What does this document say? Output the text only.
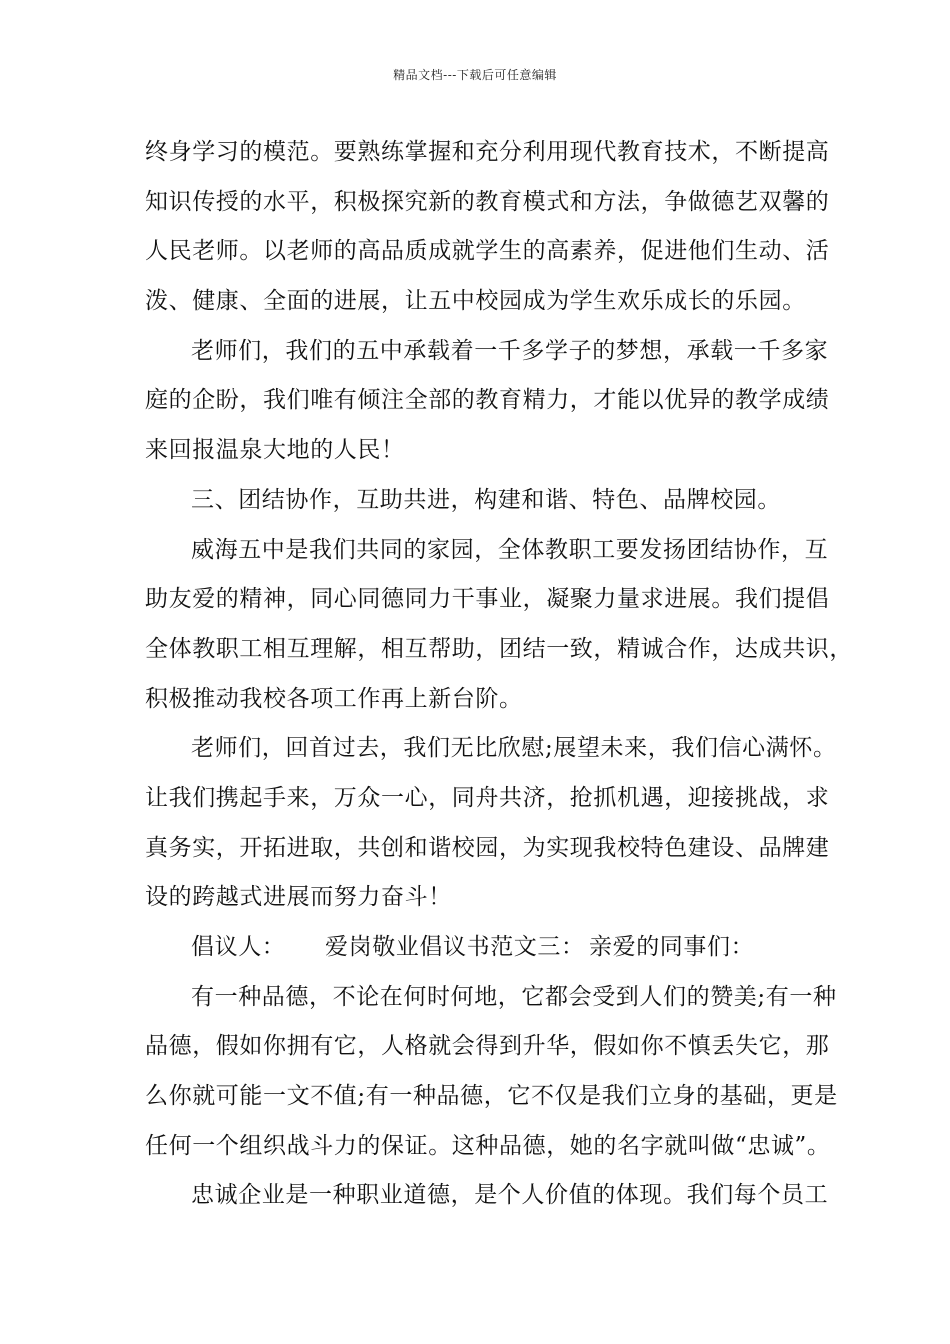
精品文档---下载后可任意编辑
终身学习的模范。要熟练掌握和充分利用现代教育技术，不断提高
知识传授的水平，积极探究新的教育模式和方法，争做德艺双馨的
人民老师。以老师的高品质成就学生的高素养，促进他们生动、活
泼、健康、全面的进展，让五中校园成为学生欢乐成长的乐园。
老师们，我们的五中承载着一千多学子的梦想，承载一千多家
庭的企盼，我们唯有倾注全部的教育精力，才能以优异的教学成绩
来回报温泉大地的人民！
三、团结协作，互助共进，构建和谐、特色、品牌校园。
威海五中是我们共同的家园，全体教职工要发扬团结协作，互
助友爱的精神，同心同德同力干事业，凝聚力量求进展。我们提倡
全体教职工相互理解，相互帮助，团结一致，精诚合作，达成共识，
积极推动我校各项工作再上新台阶。
老师们，回首过去，我们无比欣慰;展望未来，我们信心满怀。
让我们携起手来，万众一心，同舟共济，抢抓机遇，迎接挑战，求
真务实，开拓进取，共创和谐校园，为实现我校特色建设、品牌建
设的跨越式进展而努力奋斗！
倡议人：	爱岗敬业倡议书范文三： 亲爱的同事们：
有一种品德，不论在何时何地，它都会受到人们的赞美;有一种
品德，假如你拥有它，人格就会得到升华，假如你不慎丢失它，那
么你就可能一文不值;有一种品德，它不仅是我们立身的基础，更是
任何一个组织战斗力的保证。这种品德，她的名字就叫做“忠诚”。
忠诚企业是一种职业道德，是个人价值的体现。我们每个员工
